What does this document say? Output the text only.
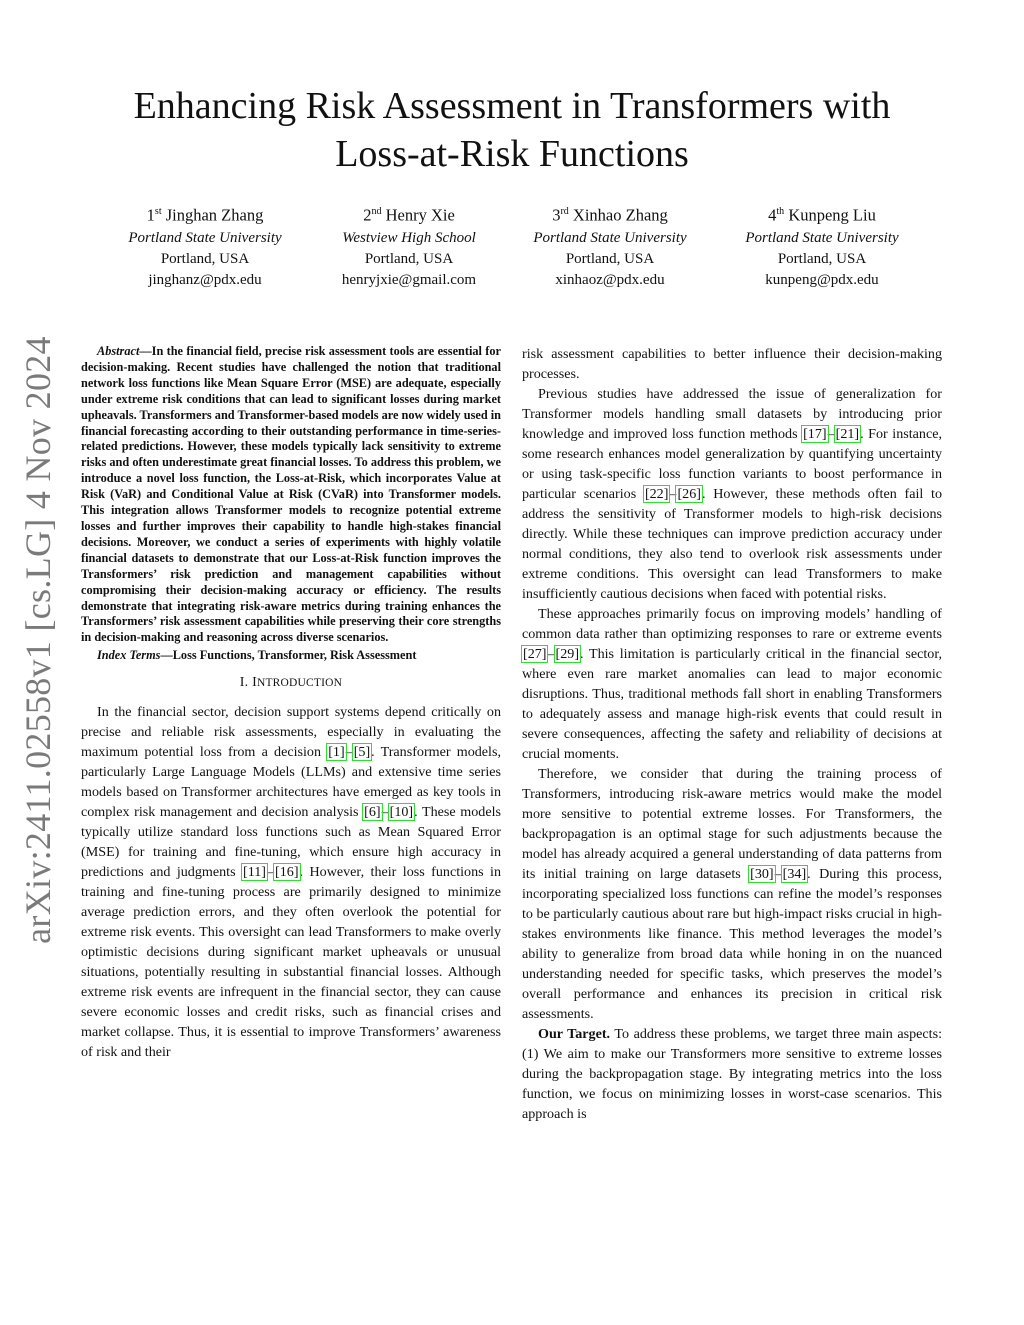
arXiv:2411.02558v1 [cs.LG] 4 Nov 2024
Enhancing Risk Assessment in Transformers with
Loss-at-Risk Functions
1st Jinghan Zhang
Portland State University
Portland, USA
jinghanz@pdx.edu
2nd Henry Xie
Westview High School
Portland, USA
henryjxie@gmail.com
3rd Xinhao Zhang
Portland State University
Portland, USA
xinhaoz@pdx.edu
4th Kunpeng Liu
Portland State University
Portland, USA
kunpeng@pdx.edu

Abstract—In the financial field, precise risk assessment tools are essential for decision-making. Recent studies have challenged the notion that traditional network loss functions like Mean Square Error (MSE) are adequate, especially under extreme risk conditions that can lead to significant losses during market upheavals. Transformers and Transformer-based models are now widely used in financial forecasting according to their outstanding performance in time-series-related predictions. However, these models typically lack sensitivity to extreme risks and often underestimate great financial losses. To address this problem, we introduce a novel loss function, the Loss-at-Risk, which incorporates Value at Risk (VaR) and Conditional Value at Risk (CVaR) into Transformer models. This integration allows Transformer models to recognize potential extreme losses and further improves their capability to handle high-stakes financial decisions. Moreover, we conduct a series of experiments with highly volatile financial datasets to demonstrate that our Loss-at-Risk function improves the Transformers’ risk prediction and management capabilities without compromising their decision-making accuracy or efficiency. The results demonstrate that integrating risk-aware metrics during training enhances the Transformers’ risk assessment capabilities while preserving their core strengths in decision-making and reasoning across diverse scenarios.

Index Terms—Loss Functions, Transformer, Risk Assessment

I. INTRODUCTION

In the financial sector, decision support systems depend critically on precise and reliable risk assessments, especially in evaluating the maximum potential loss from a decision [1]–[5]. Transformer models, particularly Large Language Models (LLMs) and extensive time series models based on Transformer architectures have emerged as key tools in complex risk management and decision analysis [6]–[10]. These models typically utilize standard loss functions such as Mean Squared Error (MSE) for training and fine-tuning, which ensure high accuracy in predictions and judgments [11]–[16]. However, their loss functions in training and fine-tuning process are primarily designed to minimize average prediction errors, and they often overlook the potential for extreme risk events. This oversight can lead Transformers to make overly optimistic decisions during significant market upheavals or unusual situations, potentially resulting in substantial financial losses. Although extreme risk events are infrequent in the financial sector, they can cause severe economic losses and credit risks, such as financial crises and market collapse. Thus, it is essential to improve Transformers’ awareness of risk and their

risk assessment capabilities to better influence their decision-making processes.

Previous studies have addressed the issue of generalization for Transformer models handling small datasets by introducing prior knowledge and improved loss function methods [17]–[21]. For instance, some research enhances model generalization by quantifying uncertainty or using task-specific loss function variants to boost performance in particular scenarios [22]–[26]. However, these methods often fail to address the sensitivity of Transformer models to high-risk decisions directly. While these techniques can improve prediction accuracy under normal conditions, they also tend to overlook risk assessments under extreme conditions. This oversight can lead Transformers to make insufficiently cautious decisions when faced with potential risks.

These approaches primarily focus on improving models’ handling of common data rather than optimizing responses to rare or extreme events [27]–[29]. This limitation is particularly critical in the financial sector, where even rare market anomalies can lead to major economic disruptions. Thus, traditional methods fall short in enabling Transformers to adequately assess and manage high-risk events that could result in severe consequences, affecting the safety and reliability of decisions at crucial moments.

Therefore, we consider that during the training process of Transformers, introducing risk-aware metrics would make the model more sensitive to potential extreme losses. For Transformers, the backpropagation is an optimal stage for such adjustments because the model has already acquired a general understanding of data patterns from its initial training on large datasets [30]–[34]. During this process, incorporating specialized loss functions can refine the model’s responses to be particularly cautious about rare but high-impact risks crucial in high-stakes environments like finance. This method leverages the model’s ability to generalize from broad data while honing in on the nuanced understanding needed for specific tasks, which preserves the model’s overall performance and enhances its precision in critical risk assessments.

Our Target. To address these problems, we target three main aspects: (1) We aim to make our Transformers more sensitive to extreme losses during the backpropagation stage. By integrating metrics into the loss function, we focus on minimizing losses in worst-case scenarios. This approach is
